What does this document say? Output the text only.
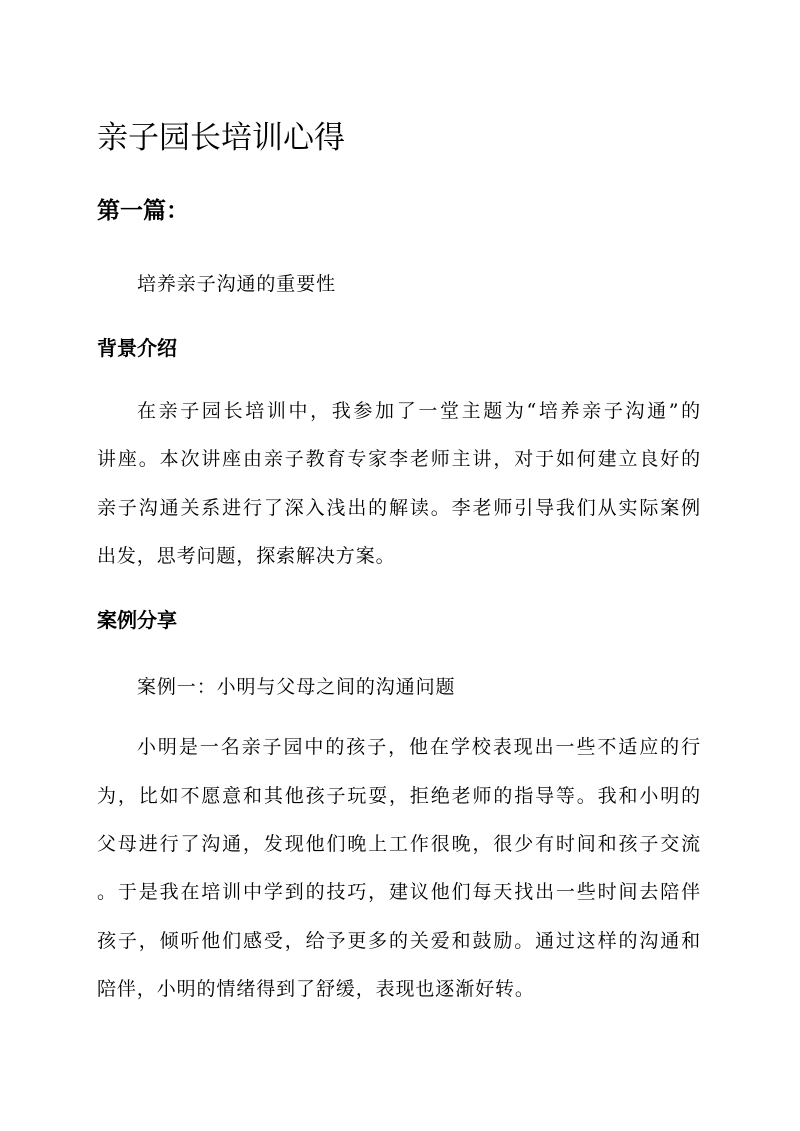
亲子园长培训心得
第一篇：
培养亲子沟通的重要性
背景介绍
在亲子园长培训中，我参加了一堂主题为“培养亲子沟通”的
讲座。本次讲座由亲子教育专家李老师主讲，对于如何建立良好的
亲子沟通关系进行了深入浅出的解读。李老师引导我们从实际案例
出发，思考问题，探索解决方案。
案例分享
案例一：小明与父母之间的沟通问题
小明是一名亲子园中的孩子，他在学校表现出一些不适应的行
为，比如不愿意和其他孩子玩耍，拒绝老师的指导等。我和小明的
父母进行了沟通，发现他们晚上工作很晚，很少有时间和孩子交流
。于是我在培训中学到的技巧，建议他们每天找出一些时间去陪伴
孩子，倾听他们感受，给予更多的关爱和鼓励。通过这样的沟通和
陪伴，小明的情绪得到了舒缓，表现也逐渐好转。
